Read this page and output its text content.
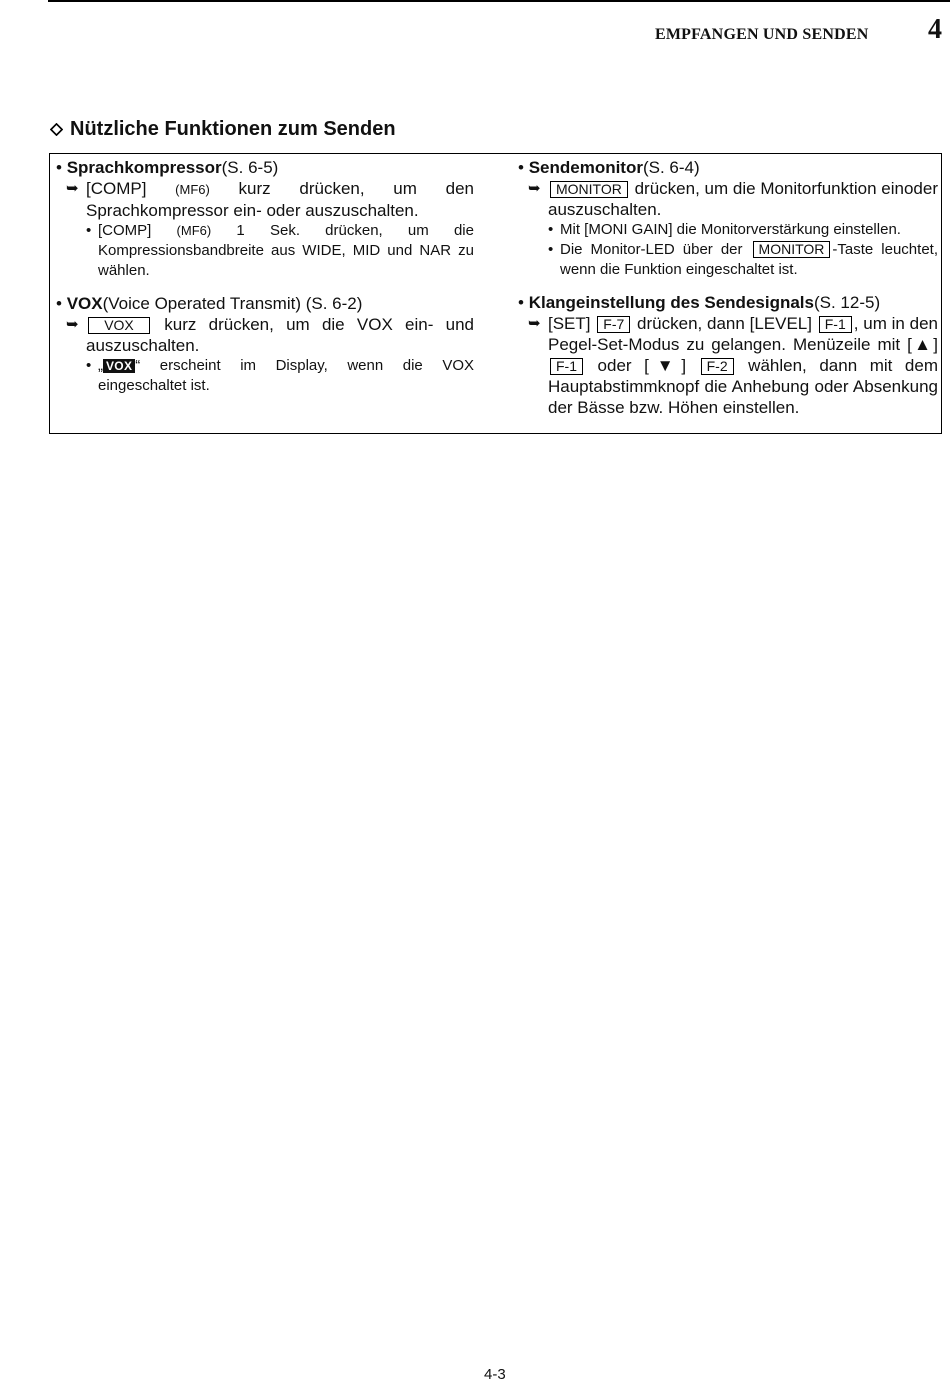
EMPFANGEN UND SENDEN 4
Nützliche Funktionen zum Senden
•
Sprachkompressor (S. 6-5)
➥ [COMP] (MF6) kurz drücken, um den Sprachkompressor ein- oder auszuschalten.
• [COMP] (MF6) 1 Sek. drücken, um die Kompressionsbandbreite aus WIDE, MID und NAR zu wählen.
•
VOX (Voice Operated Transmit) (S. 6-2)
➥	VOX kurz drücken, um die VOX ein- und auszuschalten.
• „ VOX “ erscheint im Display, wenn die VOX eingeschaltet ist.
•
Sendemonitor (S. 6-4)
➥	MONITOR drücken, um die Monitorfunktion einoder auszuschalten.
• Mit [MONI GAIN] die Monitorverstärkung einstellen.
• Die Monitor-LED über der MONITOR -Taste leuchtet, wenn die Funktion eingeschaltet ist.
•
Klangeinstellung des Sendesignals (S. 12-5)
➥ [SET] F-7 drücken, dann [LEVEL] F-1 , um in den Pegel-Set-Modus zu gelangen. Menüzeile mit [▲] F-1 oder [▼] F-2 wählen, dann mit dem Hauptabstimmknopf die Anhebung oder Absenkung der Bässe bzw. Höhen einstellen.
4-3
